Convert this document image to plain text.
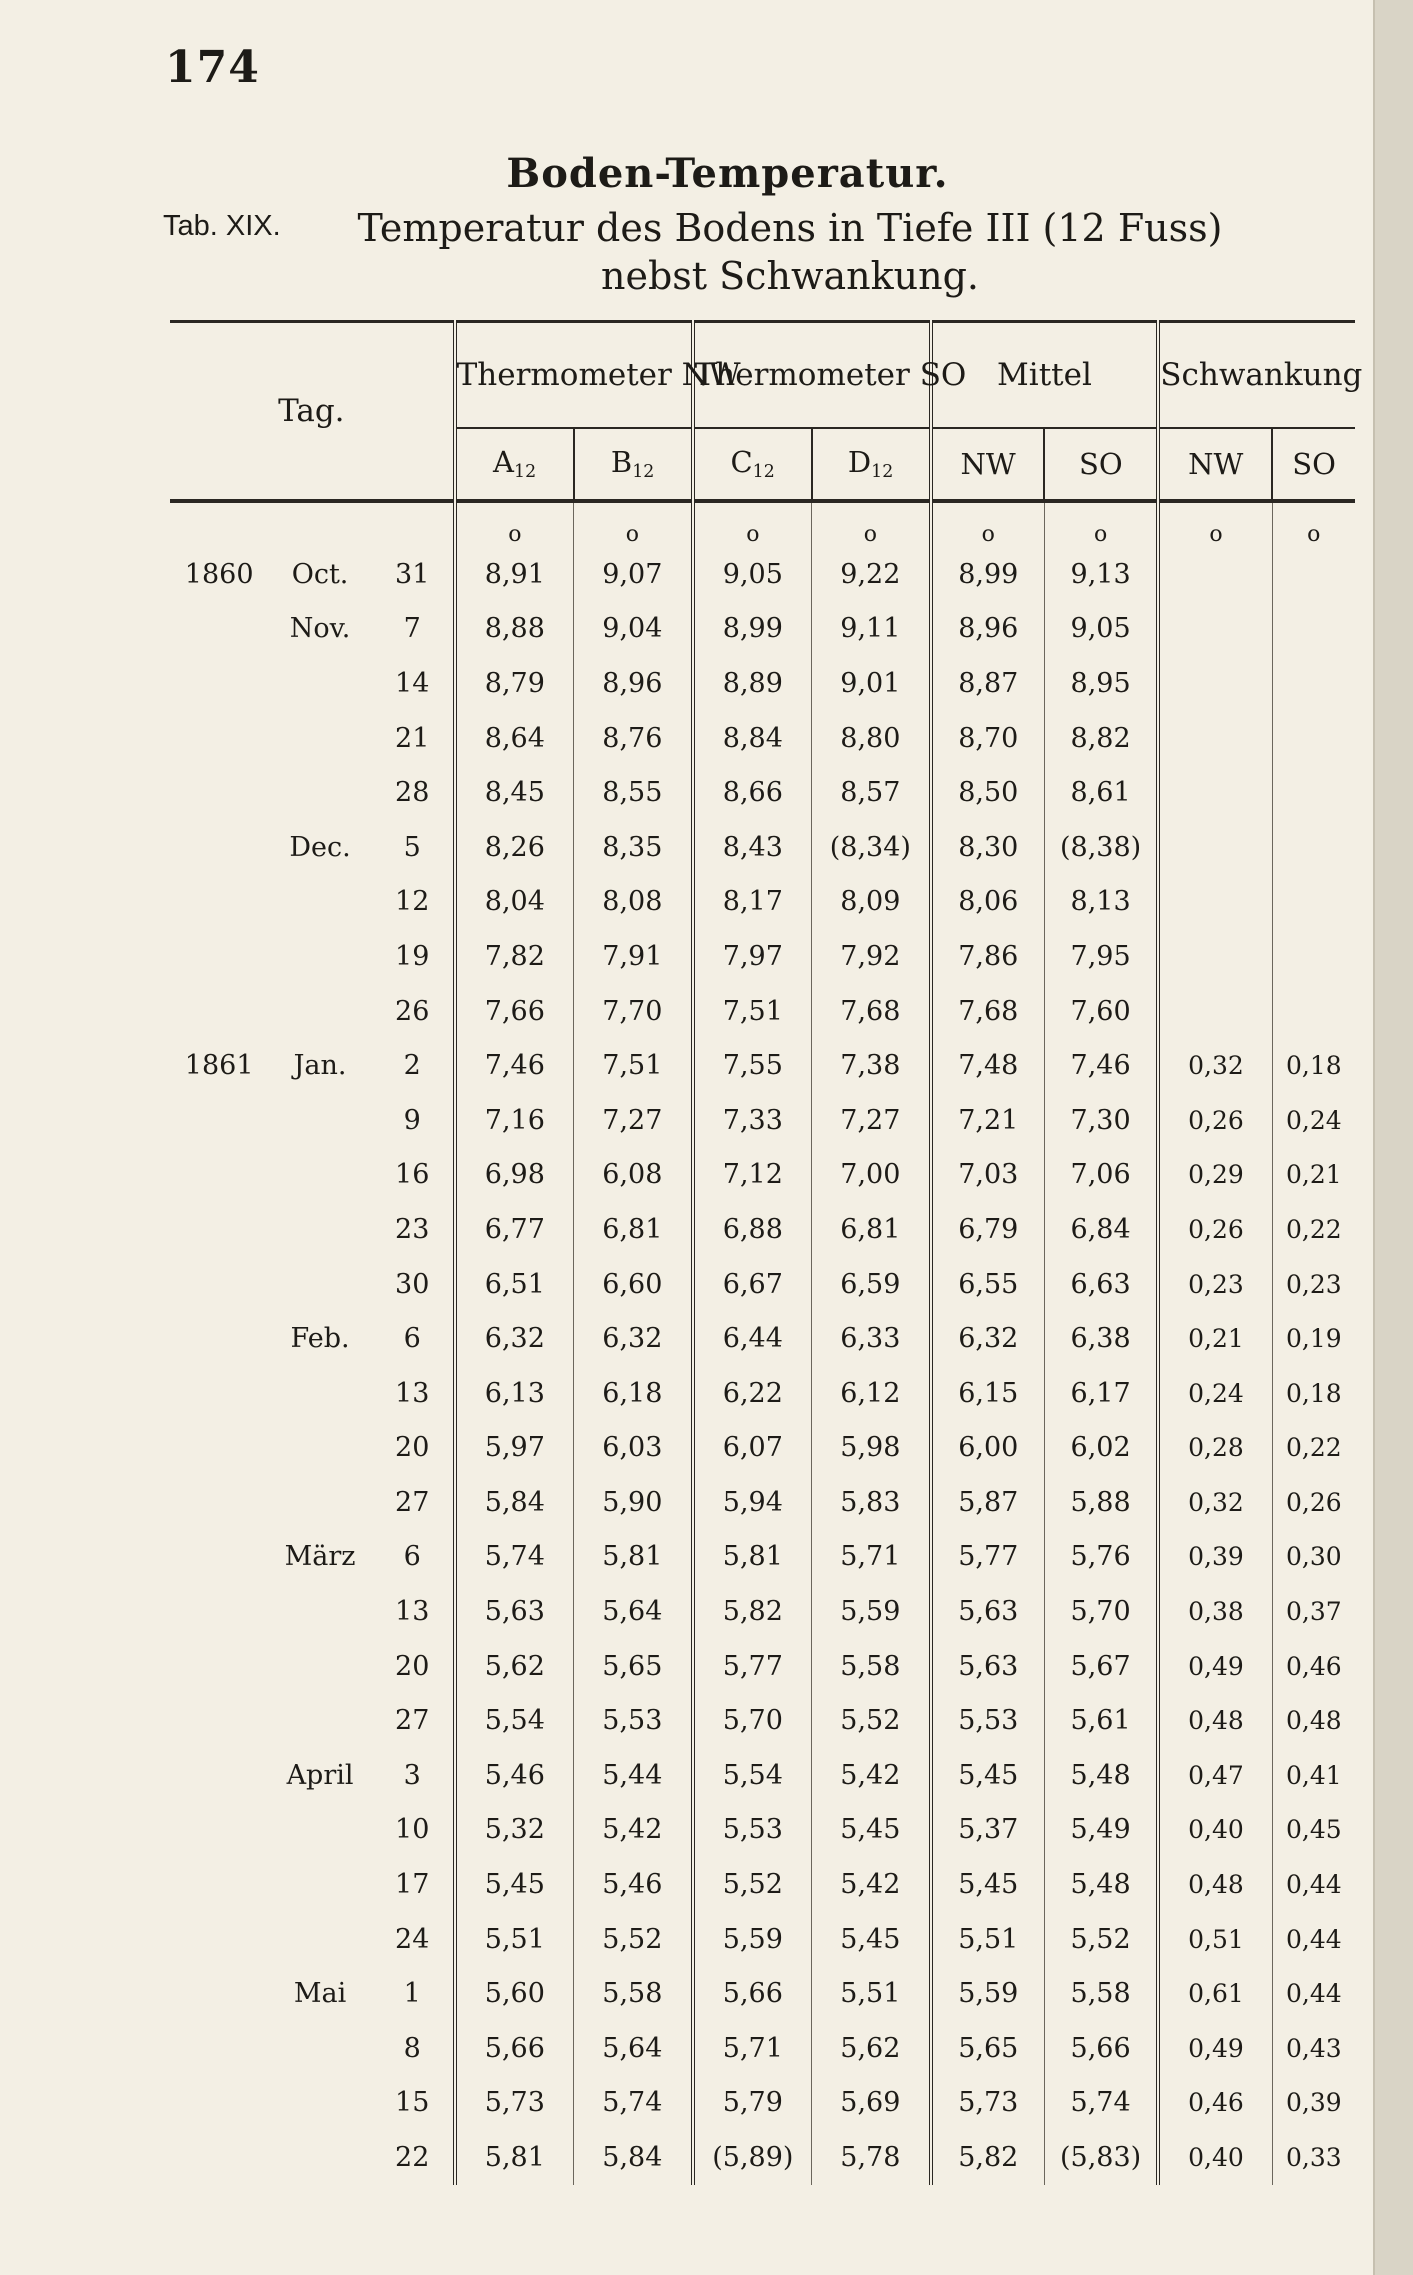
174
Boden-Temperatur.
Tab. XIX.	Temperatur des Bodens in Tiefe III (12 Fuss)
nebst Schwankung.
Tag.			Thermometer NW		Thermometer SO		Mittel		Schwankung	
			$A_{12}$	$B_{12}$	$C_{12}$	$D_{12}$	NW	SO	NW	SO
			o	o	o	o	o	o	o	o
1860	Oct.	31	8,91	9,07	9,05	9,22	8,99	9,13		
	Nov.	7	8,88	9,04	8,99	9,11	8,96	9,05		
		14	8,79	8,96	8,89	9,01	8,87	8,95		
		21	8,64	8,76	8,84	8,80	8,70	8,82		
		28	8,45	8,55	8,66	8,57	8,50	8,61		
	Dec.	5	8,26	8,35	8,43	(8,34)	8,30	(8,38)		
		12	8,04	8,08	8,17	8,09	8,06	8,13		
		19	7,82	7,91	7,97	7,92	7,86	7,95		
		26	7,66	7,70	7,51	7,68	7,68	7,60		
1861	Jan.	2	7,46	7,51	7,55	7,38	7,48	7,46	0,32	0,18
		9	7,16	7,27	7,33	7,27	7,21	7,30	0,26	0,24
		16	6,98	6,08	7,12	7,00	7,03	7,06	0,29	0,21
		23	6,77	6,81	6,88	6,81	6,79	6,84	0,26	0,22
		30	6,51	6,60	6,67	6,59	6,55	6,63	0,23	0,23
	Feb.	6	6,32	6,32	6,44	6,33	6,32	6,38	0,21	0,19
		13	6,13	6,18	6,22	6,12	6,15	6,17	0,24	0,18
		20	5,97	6,03	6,07	5,98	6,00	6,02	0,28	0,22
		27	5,84	5,90	5,94	5,83	5,87	5,88	0,32	0,26
	März	6	5,74	5,81	5,81	5,71	5,77	5,76	0,39	0,30
		13	5,63	5,64	5,82	5,59	5,63	5,70	0,38	0,37
		20	5,62	5,65	5,77	5,58	5,63	5,67	0,49	0,46
		27	5,54	5,53	5,70	5,52	5,53	5,61	0,48	0,48
	April	3	5,46	5,44	5,54	5,42	5,45	5,48	0,47	0,41
		10	5,32	5,42	5,53	5,45	5,37	5,49	0,40	0,45
		17	5,45	5,46	5,52	5,42	5,45	5,48	0,48	0,44
		24	5,51	5,52	5,59	5,45	5,51	5,52	0,51	0,44
	Mai	1	5,60	5,58	5,66	5,51	5,59	5,58	0,61	0,44
		8	5,66	5,64	5,71	5,62	5,65	5,66	0,49	0,43
		15	5,73	5,74	5,79	5,69	5,73	5,74	0,46	0,39
		22	5,81	5,84	(5,89)	5,78	5,82	(5,83)	0,40	0,33
